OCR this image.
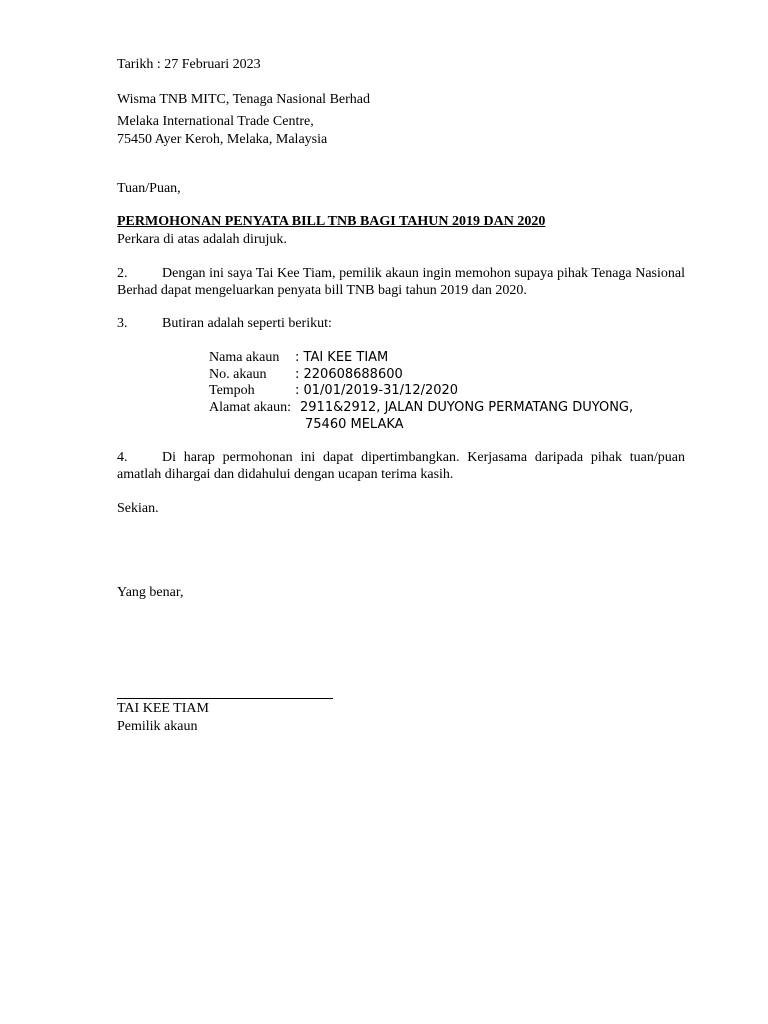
Tarikh : 27 Februari 2023
Wisma TNB MITC, Tenaga Nasional Berhad
Melaka International Trade Centre,
75450 Ayer Keroh, Melaka, Malaysia
Tuan/Puan,
PERMOHONAN PENYATA BILL TNB BAGI TAHUN 2019 DAN 2020
Perkara di atas adalah dirujuk.
Dengan ini saya Tai Kee Tiam, pemilik akaun ingin memohon supaya pihak Tenaga Nasional Berhad dapat mengeluarkan penyata bill TNB bagi tahun 2019 dan 2020.
2.
3. Butiran adalah seperti berikut:
Nama akaun : TAI KEE TIAM
No. akaun : 220608688600
Tempoh	: 01/01/2019-31/12/2020
Alamat akaun: 2911&2912, JALAN DUYONG PERMATANG DUYONG,
75460 MELAKA
Di harap permohonan ini dapat dipertimbangkan. Kerjasama daripada pihak tuan/puan amatlah dihargai dan didahului dengan ucapan terima kasih.
4.
Sekian.
Yang benar,
TAI KEE TIAM
Pemilik akaun
